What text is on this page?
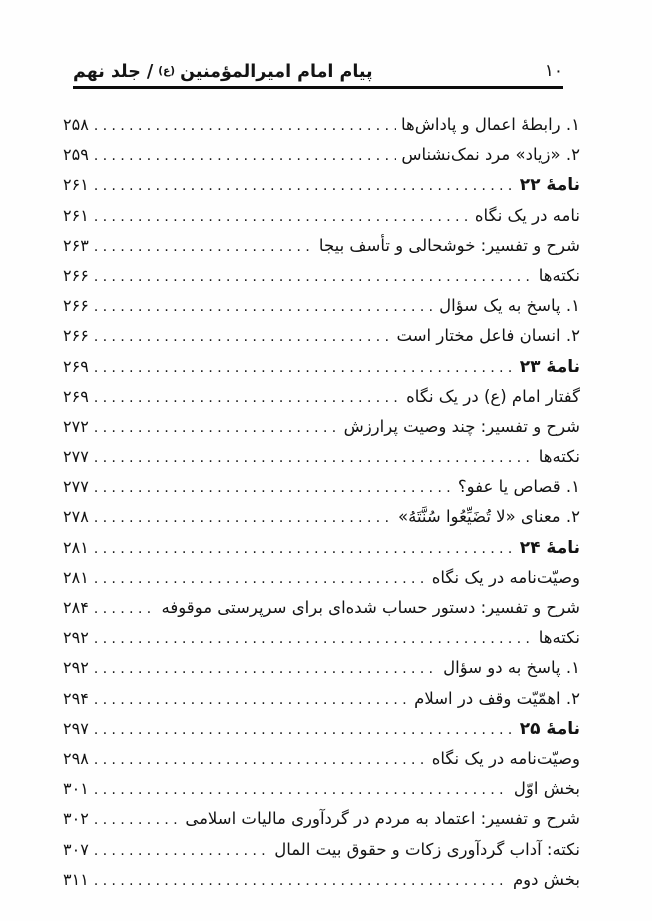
پیام امام امیرالمؤمنین
(ع)
/ جلد نهم	۱۰
۱. رابطۀ اعمال و پاداش‌ها
.....
۲۵۸
۲. «زیاد» مرد نمک‌نشناس
.....
۲۵۹
نامۀ ۲۲
.....
۲۶۱
نامه در یک نگاه
.....
۲۶۱
شرح و تفسیر: خوشحالی و تأسف بیجا
.....
۲۶۳
نکته‌ها
.....
۲۶۶
۱. پاسخ به یک سؤال
.....
۲۶۶
۲. انسان فاعل مختار است
.....
۲۶۶
نامۀ ۲۳
.....
۲۶۹
گفتار امام (ع) در یک نگاه
.....
۲۶۹
شرح و تفسیر: چند وصیت پرارزش
.....
۲۷۲
نکته‌ها
.....
۲۷۷
۱. قصاص یا عفو؟
.....
۲۷۷
۲. معنای «لا تُضَيِّعُوا سُنَّتَهُ»
.....
۲۷۸
نامۀ ۲۴
.....
۲۸۱
وصیّت‌نامه در یک نگاه
.....
۲۸۱
شرح و تفسیر: دستور حساب شده‌ای برای سرپرستی موقوفه
.....
۲۸۴
نکته‌ها
.....
۲۹۲
۱. پاسخ به دو سؤال
.....
۲۹۲
۲. اهمّیّت وقف در اسلام
.....
۲۹۴
نامۀ ۲۵
.....
۲۹۷
وصیّت‌نامه در یک نگاه
.....
۲۹۸
بخش اوّل
.....
۳۰۱
شرح و تفسیر: اعتماد به مردم در گردآوری مالیات اسلامی
.....
۳۰۲
نکته: آداب گردآوری زکات و حقوق بیت المال
.....
۳۰۷
بخش دوم
.....
۳۱۱
